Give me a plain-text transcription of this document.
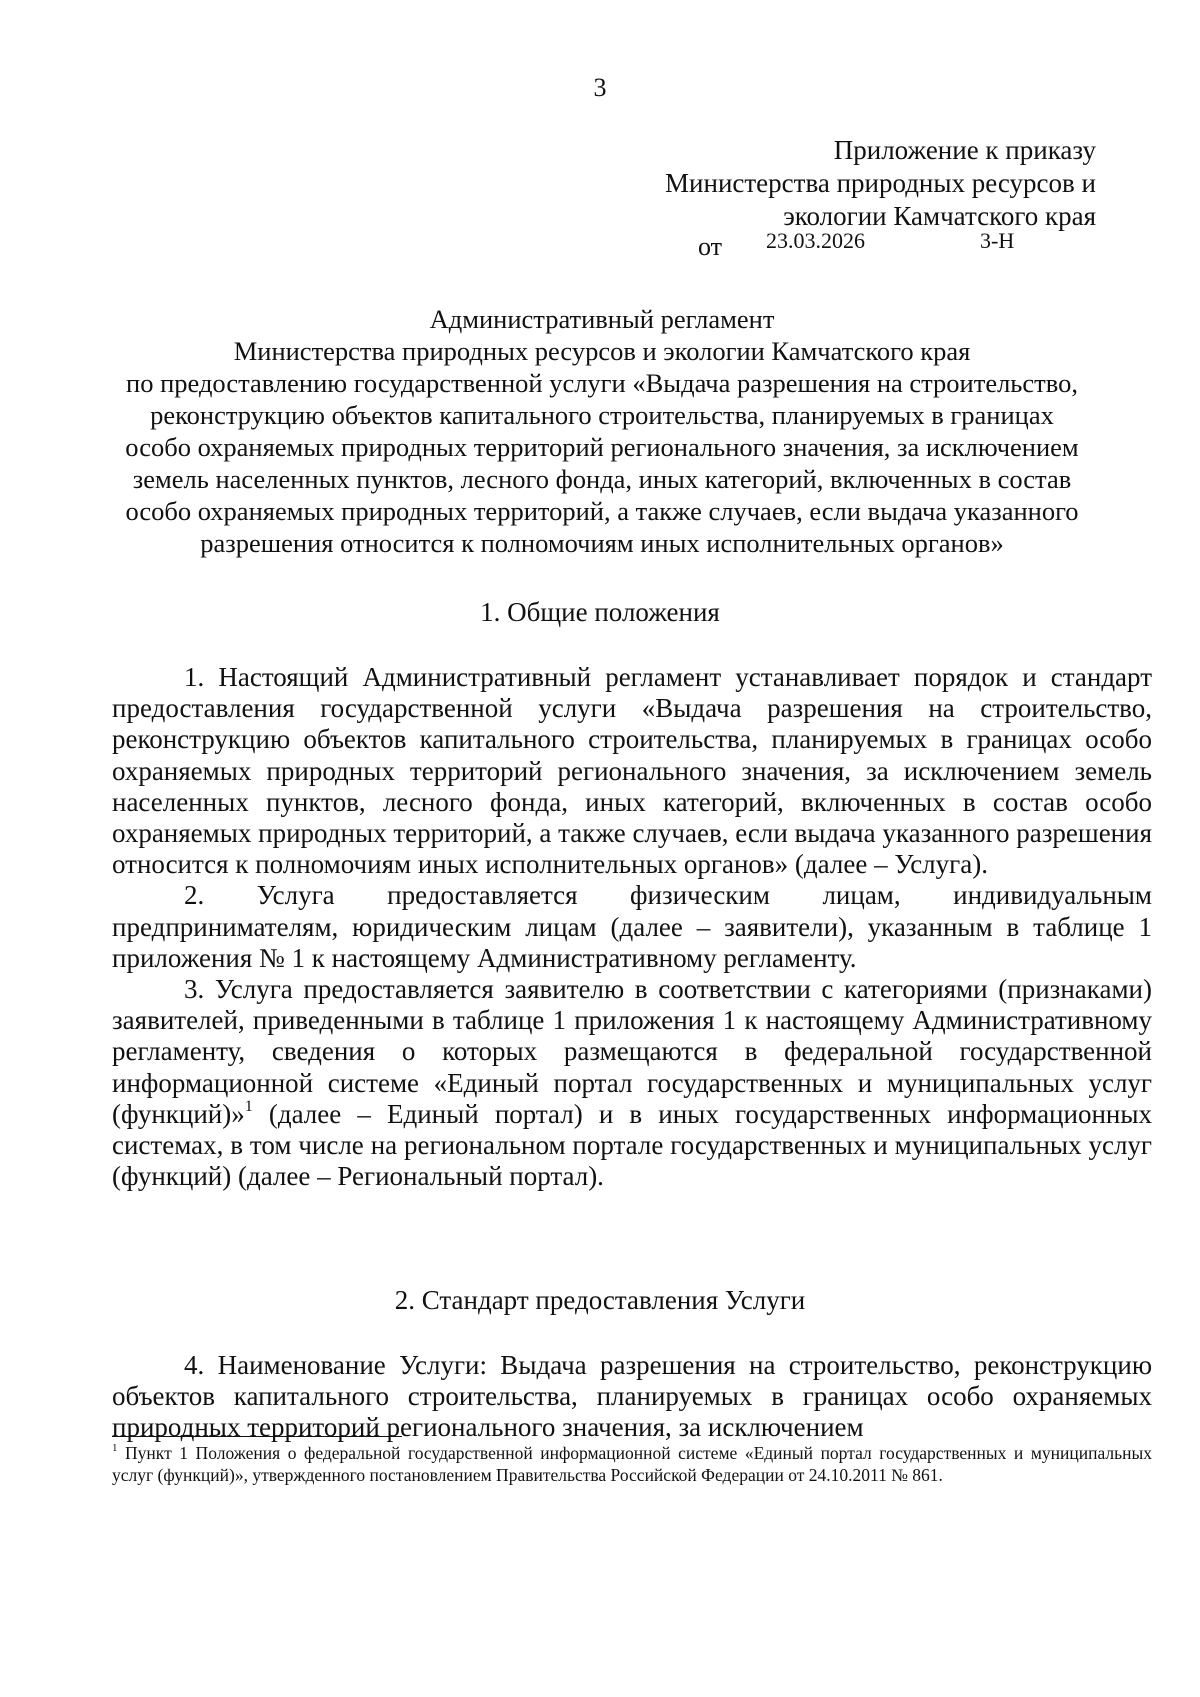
3
Приложение к приказу
Министерства природных ресурсов и
экологии Камчатского края
от 23.03.2026	3-Н
Административный регламент
Министерства природных ресурсов и экологии Камчатского края
по предоставлению государственной услуги «Выдача разрешения на строительство,
реконструкцию объектов капитального строительства, планируемых в границах
особо охраняемых природных территорий регионального значения, за исключением
земель населенных пунктов, лесного фонда, иных категорий, включенных в состав
особо охраняемых природных территорий, а также случаев, если выдача указанного
разрешения относится к полномочиям иных исполнительных органов»
1. Общие положения

1. Настоящий Административный регламент устанавливает порядок и стандарт предоставления государственной услуги «Выдача разрешения на строительство, реконструкцию объектов капитального строительства, планируемых в границах особо охраняемых природных территорий регионального значения, за исключением земель населенных пунктов, лесного фонда, иных категорий, включенных в состав особо охраняемых природных территорий, а также случаев, если выдача указанного разрешения относится к полномочиям иных исполнительных органов» (далее – Услуга).

2. Услуга предоставляется физическим лицам, индивидуальным предпринимателям, юридическим лицам (далее – заявители), указанным в таблице 1 приложения № 1 к настоящему Административному регламенту.

3. Услуга предоставляется заявителю в соответствии с категориями (признаками) заявителей, приведенными в таблице 1 приложения 1 к настоящему Административному регламенту, сведения о которых размещаются в федеральной государственной информационной системе «Единый портал государственных и муниципальных услуг (функций)»$^1$ (далее – Единый портал) и в иных государственных информационных системах, в том числе на региональном портале государственных и муниципальных услуг (функций) (далее – Региональный портал).

2. Стандарт предоставления Услуги

4. Наименование Услуги: Выдача разрешения на строительство, реконструкцию объектов капитального строительства, планируемых в границах особо охраняемых природных территорий регионального значения, за исключением

$^1$ Пункт 1 Положения о федеральной государственной информационной системе «Единый портал государственных и муниципальных услуг (функций)», утвержденного постановлением Правительства Российской Федерации от 24.10.2011 № 861.
